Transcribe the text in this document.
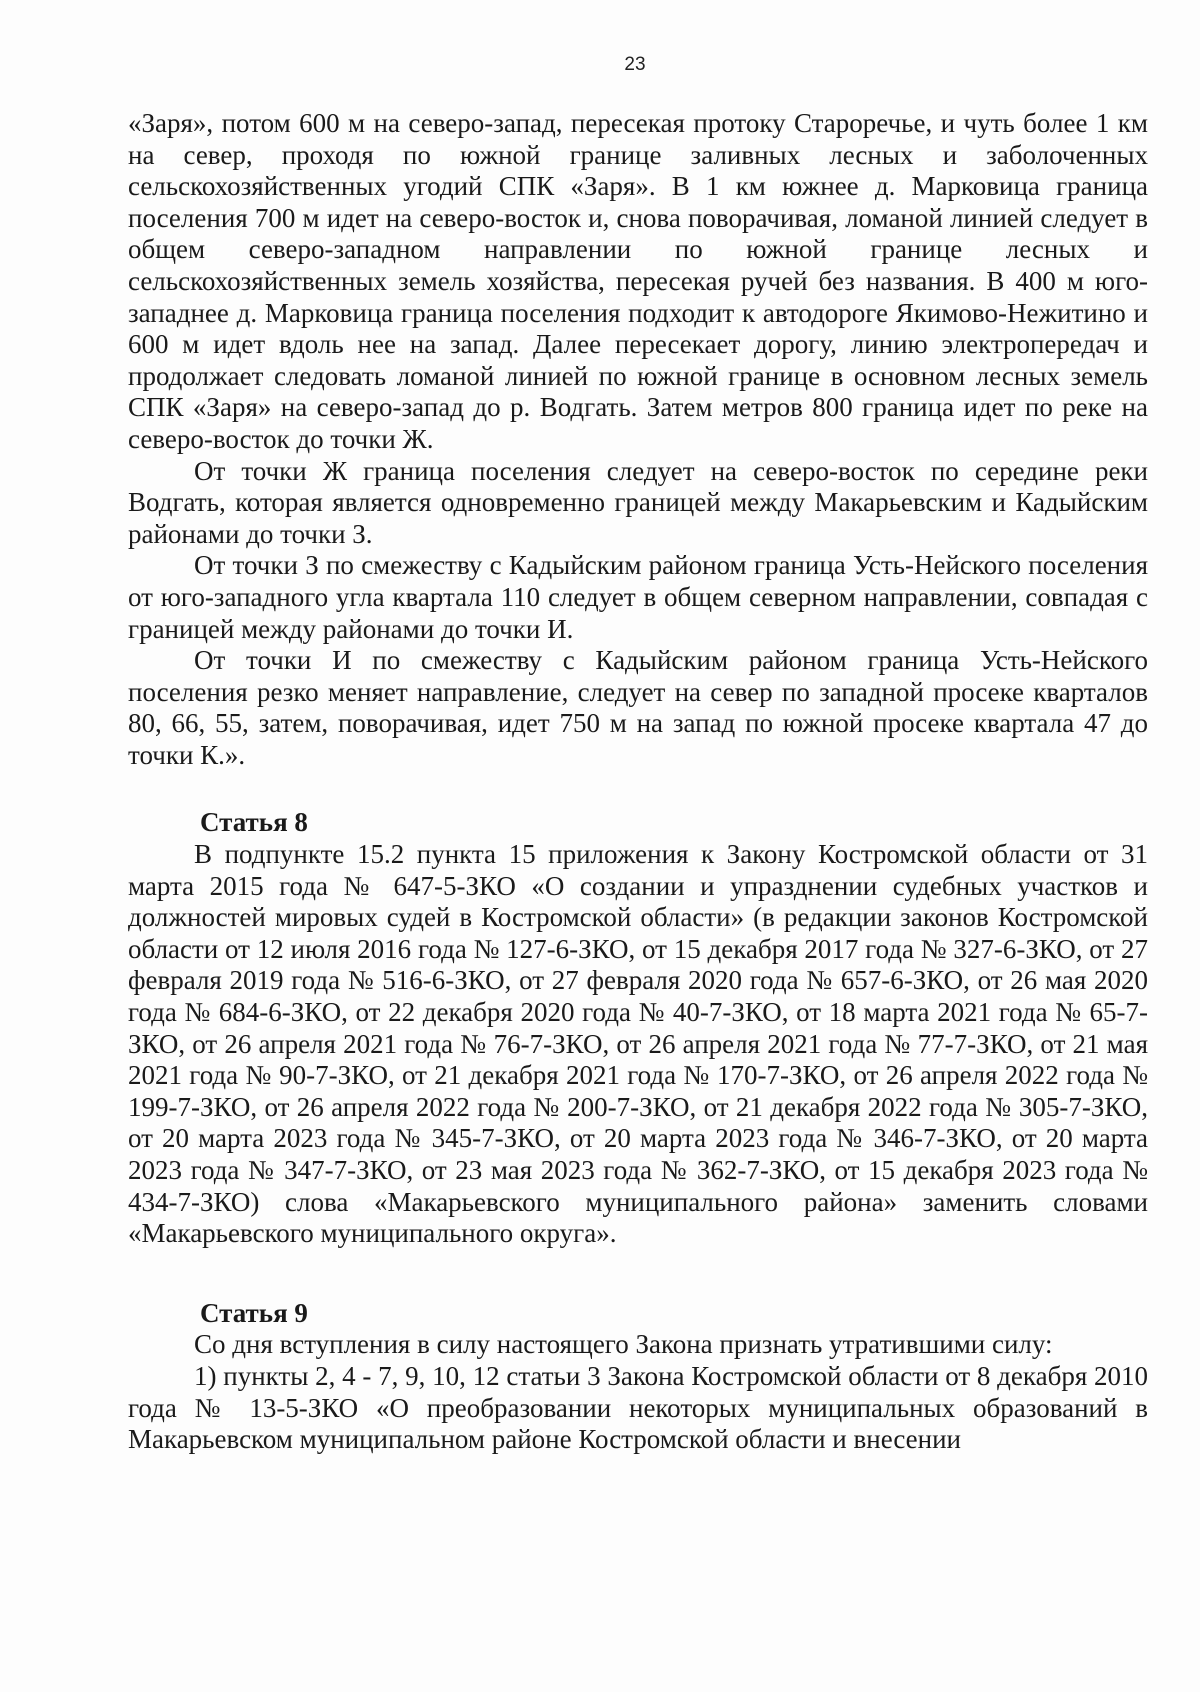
23

«Заря», потом 600 м на северо-запад, пересекая протоку Староречье, и чуть более 1 км на север, проходя по южной границе заливных лесных и заболоченных сельскохозяйственных угодий СПК «Заря». В 1 км южнее д. Марковица граница поселения 700 м идет на северо-восток и, снова поворачивая, ломаной линией следует в общем северо-западном направлении по южной границе лесных и сельскохозяйственных земель хозяйства, пересекая ручей без названия. В 400 м юго-западнее д. Марковица граница поселения подходит к автодороге Якимово-Нежитино и 600 м идет вдоль нее на запад. Далее пересекает дорогу, линию электропередач и продолжает следовать ломаной линией по южной границе в основном лесных земель СПК «Заря» на северо-запад до р. Водгать. Затем метров 800 граница идет по реке на северо-восток до точки Ж.

От точки Ж граница поселения следует на северо-восток по середине реки Водгать, которая является одновременно границей между Макарьевским и Кадыйским районами до точки З.

От точки З по смежеству с Кадыйским районом граница Усть-Нейского поселения от юго-западного угла квартала 110 следует в общем северном направлении, совпадая с границей между районами до точки И.

От точки И по смежеству с Кадыйским районом граница Усть-Нейского поселения резко меняет направление, следует на север по западной просеке кварталов 80, 66, 55, затем, поворачивая, идет 750 м на запад по южной просеке квартала 47 до точки К.».

Статья 8

В подпункте 15.2 пункта 15 приложения к Закону Костромской области от 31 марта 2015 года № 647-5-ЗКО «О создании и упразднении судебных участков и должностей мировых судей в Костромской области» (в редакции законов Костромской области от 12 июля 2016 года № 127-6-ЗКО, от 15 декабря 2017 года № 327-6-ЗКО, от 27 февраля 2019 года № 516-6-ЗКО, от 27 февраля 2020 года № 657-6-ЗКО, от 26 мая 2020 года № 684-6-ЗКО, от 22 декабря 2020 года № 40-7-ЗКО, от 18 марта 2021 года № 65-7-ЗКО, от 26 апреля 2021 года № 76-7-ЗКО, от 26 апреля 2021 года № 77-7-ЗКО, от 21 мая 2021 года № 90-7-ЗКО, от 21 декабря 2021 года № 170-7-ЗКО, от 26 апреля 2022 года № 199-7-ЗКО, от 26 апреля 2022 года № 200-7-ЗКО, от 21 декабря 2022 года № 305-7-ЗКО, от 20 марта 2023 года № 345-7-ЗКО, от 20 марта 2023 года № 346-7-ЗКО, от 20 марта 2023 года № 347-7-ЗКО, от 23 мая 2023 года № 362-7-ЗКО, от 15 декабря 2023 года № 434-7-ЗКО) слова «Макарьевского муниципального района» заменить словами «Макарьевского муниципального округа».

Статья 9

Со дня вступления в силу настоящего Закона признать утратившими силу:

1) пункты 2, 4 - 7, 9, 10, 12 статьи 3 Закона Костромской области от 8 декабря 2010 года № 13-5-ЗКО «О преобразовании некоторых муниципальных образований в Макарьевском муниципальном районе Костромской области и внесении
